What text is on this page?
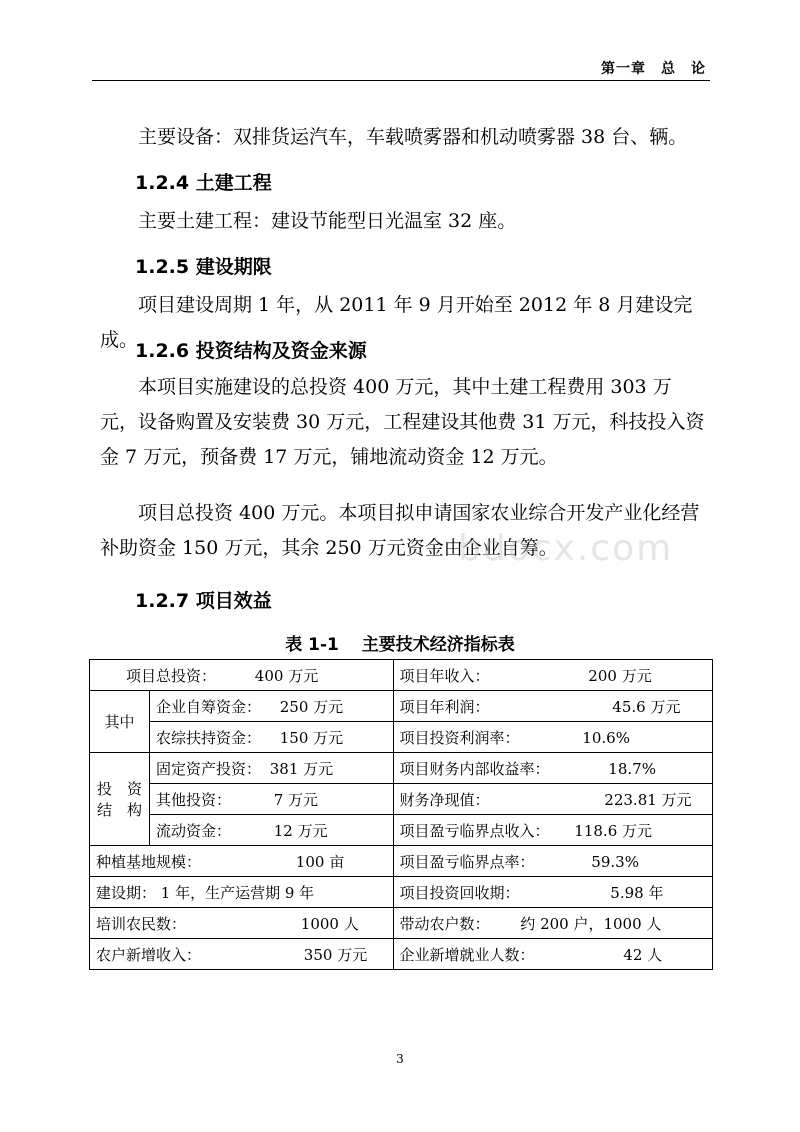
第一章　总　论
主要设备：双排货运汽车，车载喷雾器和机动喷雾器 38 台、辆。
1.2.4 土建工程
主要土建工程：建设节能型日光温室 32 座。
1.2.5 建设期限
项目建设周期 1 年，从 2011 年 9 月开始至 2012 年 8 月建设完成。
1.2.6 投资结构及资金来源
本项目实施建设的总投资 400 万元，其中土建工程费用 303 万元，设备购置及安装费 30 万元，工程建设其他费 31 万元，科技投入资金 7 万元，预备费 17 万元，铺地流动资金 12 万元。
项目总投资 400 万元。本项目拟申请国家农业综合开发产业化经营补助资金 150 万元，其余 250 万元资金由企业自筹。
1.2.7 项目效益
bdocx.com
表 1-1　 主要技术经济指标表
项目总投资： 400 万元		项目年收入： 200 万元
其中	企业自筹资金： 250 万元	项目年利润： 45.6 万元
	农综扶持资金： 150 万元	项目投资利润率： 10.6%

投　资
结　构	固定资产投资： 381 万元	项目财务内部收益率： 18.7%
	其他投资： 7 万元	财务净现值： 223.81 万元
	流动资金： 12 万元	项目盈亏临界点收入： 118.6 万元
种植基地规模： 100 亩		项目盈亏临界点率： 59.3%
建设期： 1 年，生产运营期 9 年		项目投资回收期： 5.98 年
培训农民数： 1000 人		带动农户数： 约 200 户，1000 人
农户新增收入： 350 万元		企业新增就业人数： 42 人
3
